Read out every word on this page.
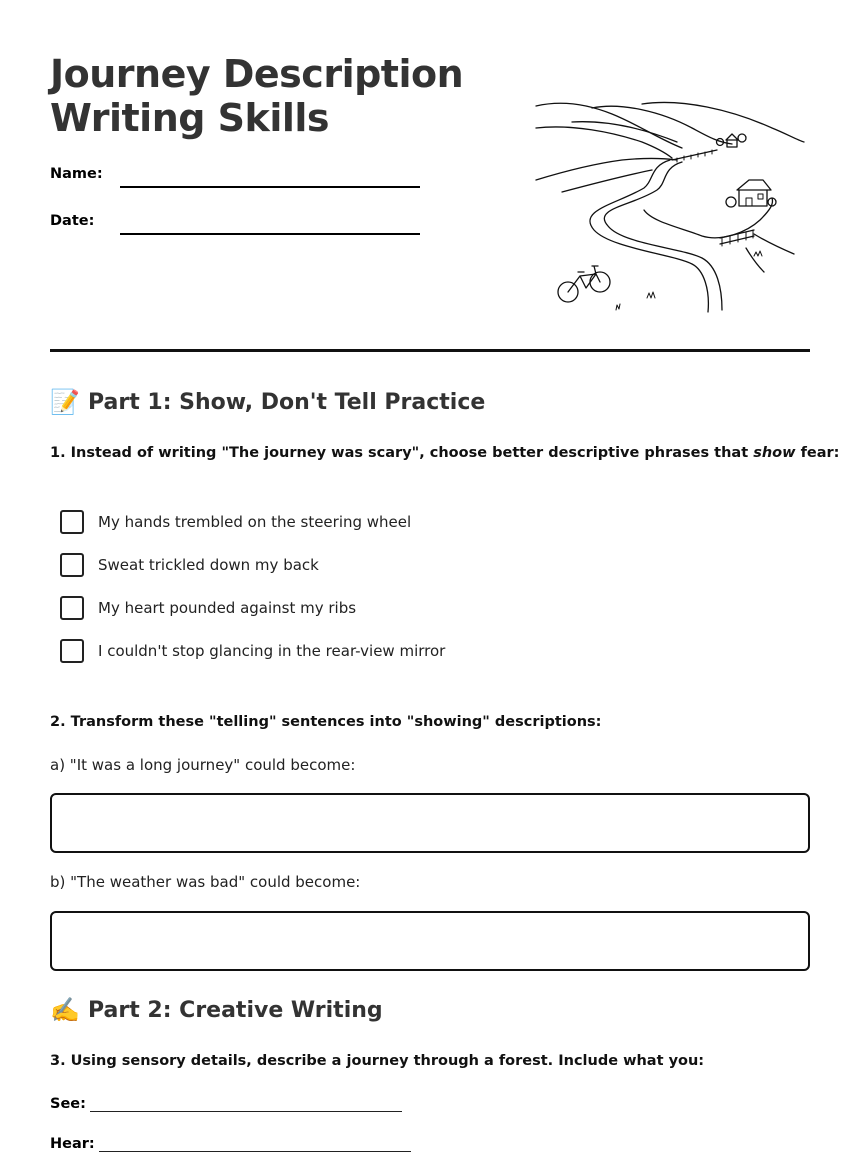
Journey Description
Writing Skills
Name:
Date:
📝 Part 1: Show, Don't Tell Practice
1. Instead of writing "The journey was scary", choose better descriptive phrases that show fear:
My hands trembled on the steering wheel
Sweat trickled down my back
My heart pounded against my ribs
I couldn't stop glancing in the rear-view mirror
2. Transform these "telling" sentences into "showing" descriptions:
a) "It was a long journey" could become:
b) "The weather was bad" could become:
✍️ Part 2: Creative Writing
3. Using sensory details, describe a journey through a forest. Include what you:
See:
Hear:
